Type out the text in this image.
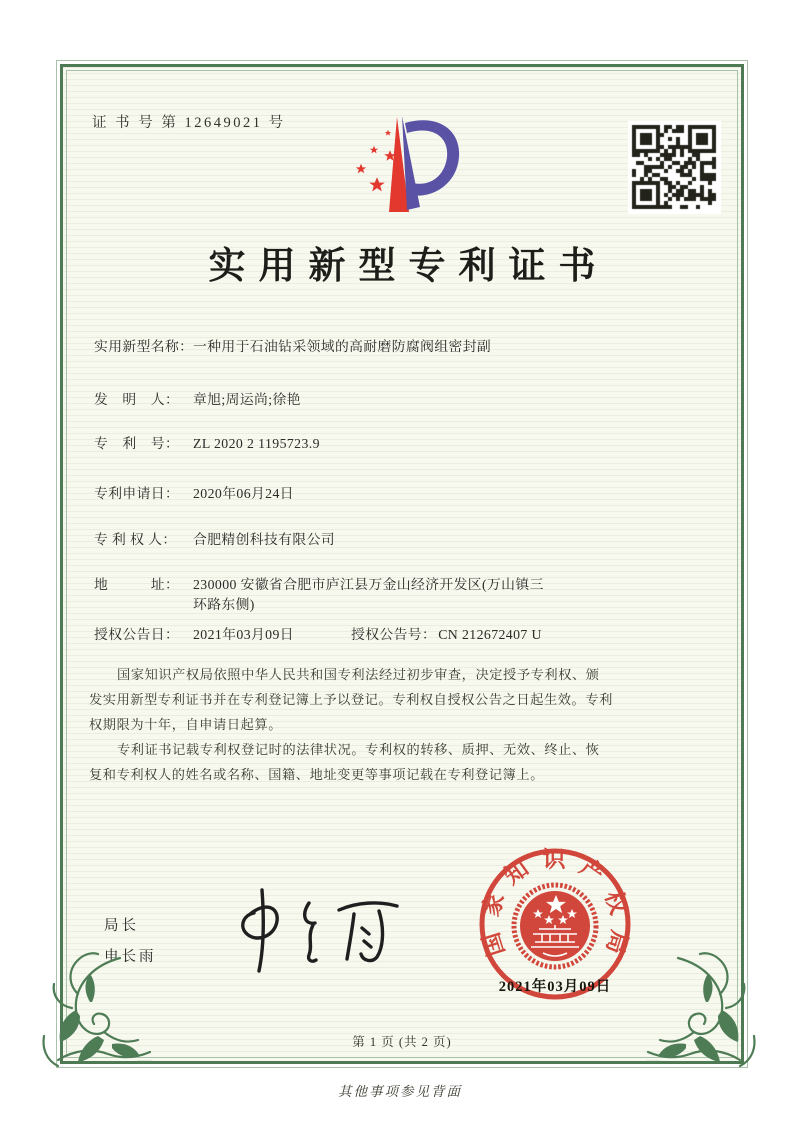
证 书 号 第 12649021 号
实用新型专利证书
实用新型名称：一种用于石油钻采领域的高耐磨防腐阀组密封副
发　明　人： 章旭;周运尚;徐艳
专　利　号： ZL 2020 2 1195723.9
专利申请日： 2020年06月24日
专 利 权 人： 合肥精创科技有限公司
地　　　址： 230000 安徽省合肥市庐江县万金山经济开发区(万山镇三
环路东侧)
授权公告日： 2021年03月09日	授权公告号： CN 212672407 U

国家知识产权局依照中华人民共和国专利法经过初步审查，决定授予专利权、颁发实用新型专利证书并在专利登记簿上予以登记。专利权自授权公告之日起生效。专利权期限为十年，自申请日起算。

专利证书记载专利权登记时的法律状况。专利权的转移、质押、无效、终止、恢复和专利权人的姓名或名称、国籍、地址变更等事项记载在专利登记簿上。

局长
申长雨	国家知识产权局
2021年03月09日
第 1 页 (共 2 页)
其他事项参见背面
